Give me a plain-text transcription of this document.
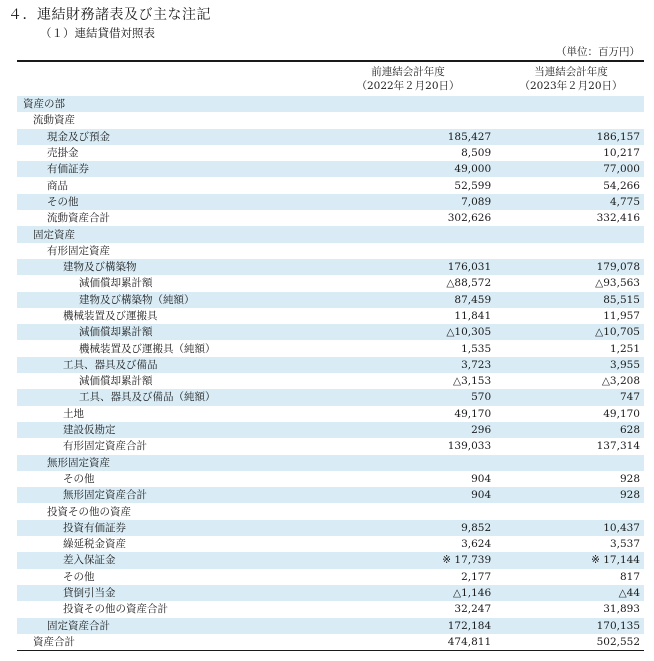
４．連結財務諸表及び主な注記
（１）連結貸借対照表
（単位：百万円）
前連結会計年度
（2022年２月20日）
当連結会計年度
（2023年２月20日）
資産の部		
流動資産		
現金及び預金	185,427	186,157
売掛金	8,509	10,217
有価証券	49,000	77,000
商品	52,599	54,266
その他	7,089	4,775
流動資産合計	302,626	332,416
固定資産		
有形固定資産		
建物及び構築物	176,031	179,078
減価償却累計額	△88,572	△93,563
建物及び構築物（純額）	87,459	85,515
機械装置及び運搬具	11,841	11,957
減価償却累計額	△10,305	△10,705
機械装置及び運搬具（純額）	1,535	1,251
工具、器具及び備品	3,723	3,955
減価償却累計額	△3,153	△3,208
工具、器具及び備品（純額）	570	747
土地	49,170	49,170
建設仮勘定	296	628
有形固定資産合計	139,033	137,314
無形固定資産		
その他	904	928
無形固定資産合計	904	928
投資その他の資産		
投資有価証券	9,852	10,437
繰延税金資産	3,624	3,537
差入保証金	※ 17,739	※ 17,144
その他	2,177	817
貸倒引当金	△1,146	△44
投資その他の資産合計	32,247	31,893
固定資産合計	172,184	170,135
資産合計	474,811	502,552
